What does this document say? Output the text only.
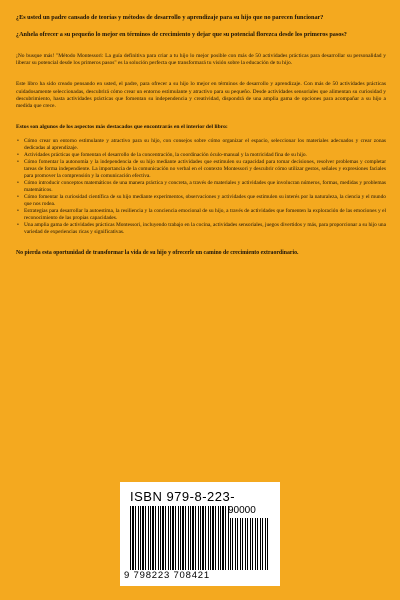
¿Es usted un padre cansado de teorías y métodos de desarrollo y aprendizaje para su hijo que no parecen funcionar?

¿Anhela ofrecer a su pequeño lo mejor en términos de crecimiento y dejar que su potencial florezca desde los primeros pasos?

¡No busque más! "Método Montessori: La guía definitiva para criar a tu hijo lo mejor posible con más de 50 actividades prácticas para desarrollar su personalidad y liberar su potencial desde los primeros pasos" es la solución perfecta que transformará tu visión sobre la educación de tu hijo.

Este libro ha sido creado pensando en usted, el padre, para ofrecer a su hijo lo mejor en términos de desarrollo y aprendizaje. Con más de 50 actividades prácticas cuidadosamente seleccionadas, descubrirá cómo crear un entorno estimulante y atractivo para su pequeño. Desde actividades sensoriales que alimentan su curiosidad y descubrimiento, hasta actividades prácticas que fomentan su independencia y creatividad, dispondrá de una amplia gama de opciones para acompañar a su hijo a medida que crece.

Estos son algunos de los aspectos más destacados que encontrarás en el interior del libro:

• Cómo crear un entorno estimulante y atractivo para su hijo, con consejos sobre cómo organizar el espacio, seleccionar los materiales adecuados y crear zonas dedicadas al aprendizaje.
• Actividades prácticas que fomentan el desarrollo de la concentración, la coordinación óculo-manual y la motricidad fina de su hijo.
• Cómo fomentar la autonomía y la independencia de su hijo mediante actividades que estimulen su capacidad para tomar decisiones, resolver problemas y completar tareas de forma independiente. La importancia de la comunicación no verbal en el contexto Montessori y descubrir cómo utilizar gestos, señales y expresiones faciales para promover la comprensión y la comunicación efectiva.
• Cómo introducir conceptos matemáticos de una manera práctica y concreta, a través de materiales y actividades que involucran números, formas, medidas y problemas matemáticos.
• Cómo fomentar la curiosidad científica de su hijo mediante experimentos, observaciones y actividades que estimulen su interés por la naturaleza, la ciencia y el mundo que nos rodea.
• Estrategias para desarrollar la autoestima, la resiliencia y la conciencia emocional de su hijo, a través de actividades que fomenten la exploración de las emociones y el reconocimiento de las propias capacidades.
• Una amplia gama de actividades prácticas Montessori, incluyendo trabajo en la cocina, actividades sensoriales, juegos divertidos y más, para proporcionar a su hijo una variedad de experiencias ricas y significativas.

No pierda esta oportunidad de transformar la vida de su hijo y ofrecerle un camino de crecimiento extraordinario.

ISBN 979-8-223-
90000
9 798223 708421
